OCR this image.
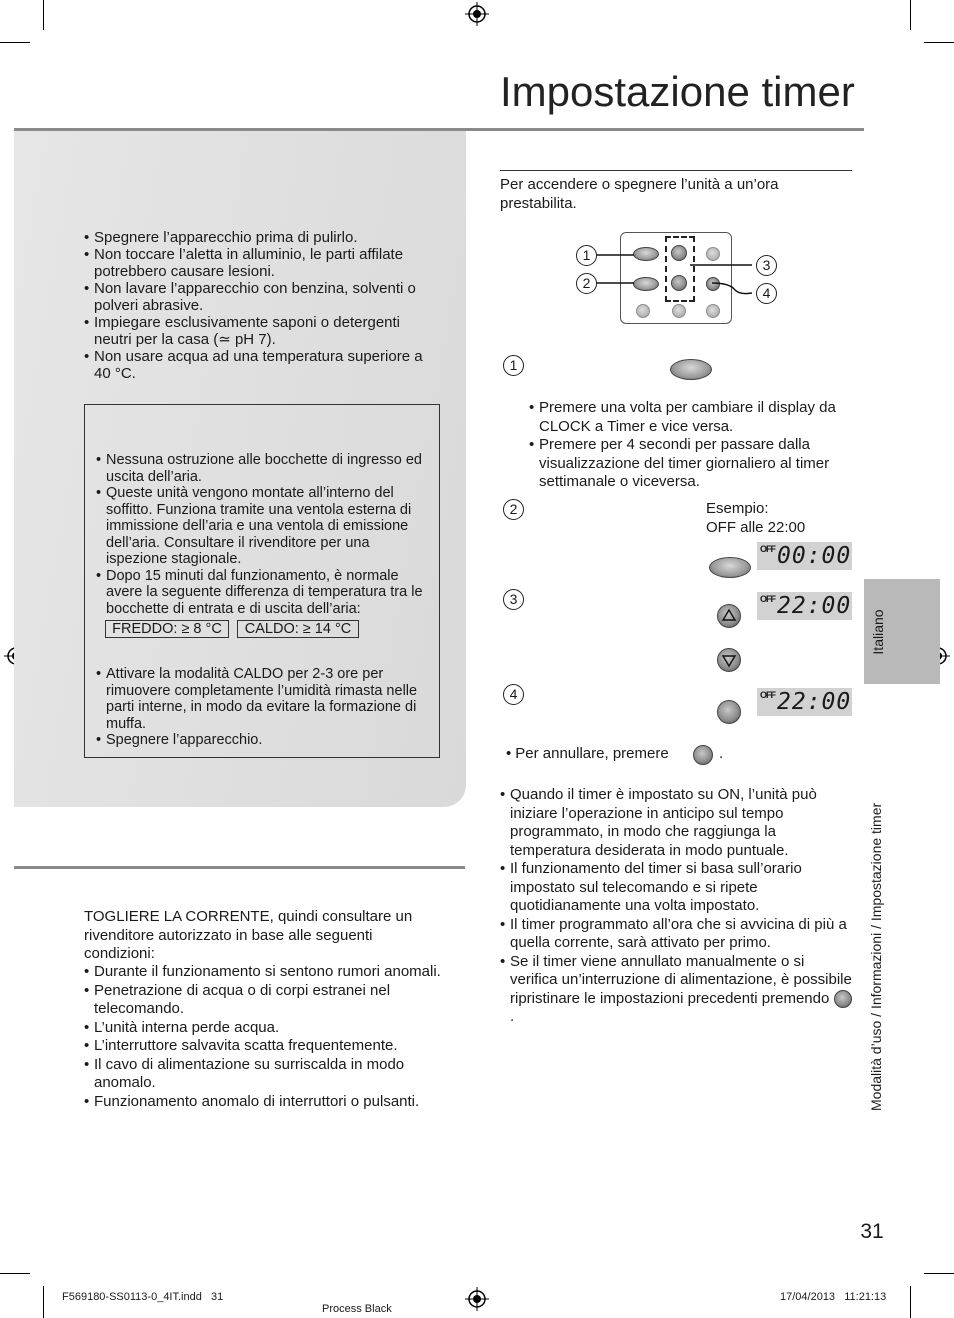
Impostazione timer
• Spegnere l’apparecchio prima di pulirlo.
• Non toccare l’aletta in alluminio, le parti affilate potrebbero causare lesioni.
• Non lavare l’apparecchio con benzina, solventi o polveri abrasive.
• Impiegare esclusivamente saponi o detergenti neutri per la casa (≃ pH 7).
• Non usare acqua ad una temperatura superiore a 40 °C.
• Nessuna ostruzione alle bocchette di ingresso ed uscita dell’aria.
• Queste unità vengono montate all’interno del soffitto. Funziona tramite una ventola esterna di immissione dell’aria e una ventola di emissione dell’aria. Consultare il rivenditore per una ispezione stagionale.
• Dopo 15 minuti dal funzionamento, è normale avere la seguente differenza di temperatura tra le bocchette di entrata e di uscita dell’aria:
FREDDO: ≥ 8 °C	CALDO: ≥ 14 °C
• Attivare la modalità CALDO per 2-3 ore per rimuovere completamente l’umidità rimasta nelle parti interne, in modo da evitare la formazione di muffa.
• Spegnere l’apparecchio.
TOGLIERE LA CORRENTE, quindi consultare un rivenditore autorizzato in base alle seguenti condizioni:
• Durante il funzionamento si sentono rumori anomali.
• Penetrazione di acqua o di corpi estranei nel telecomando.
• L’unità interna perde acqua.
• L’interruttore salvavita scatta frequentemente.
• Il cavo di alimentazione su surriscalda in modo anomalo.
• Funzionamento anomalo di interruttori o pulsanti.
Per accendere o spegnere l’unità a un’ora prestabilita.
1
2
3
4
1
• Premere una volta per cambiare il display da CLOCK a Timer e vice versa.
• Premere per 4 secondi per passare dalla visualizzazione del timer giornaliero al timer settimanale o viceversa.
2	Esempio:
OFF alle 22:00
OFF 00:00
3	OFF 22:00
4	OFF 22:00
• Per annullare, premere	.
• Quando il timer è impostato su ON, l’unità può iniziare l’operazione in anticipo sul tempo programmato, in modo che raggiunga la temperatura desiderata in modo puntuale.
• Il funzionamento del timer si basa sull’orario impostato sul telecomando e si ripete quotidianamente una volta impostato.
• Il timer programmato all’ora che si avvicina di più a quella corrente, sarà attivato per primo.
• Se il timer viene annullato manualmente o si verifica un’interruzione di alimentazione, è possibile ripristinare le impostazioni precedenti premendo .
Italiano
Modalità d’uso / Informazioni / Impostazione timer
31
F569180-SS0113-0_4IT.indd   31
Process Black
17/04/2013   11:21:13
